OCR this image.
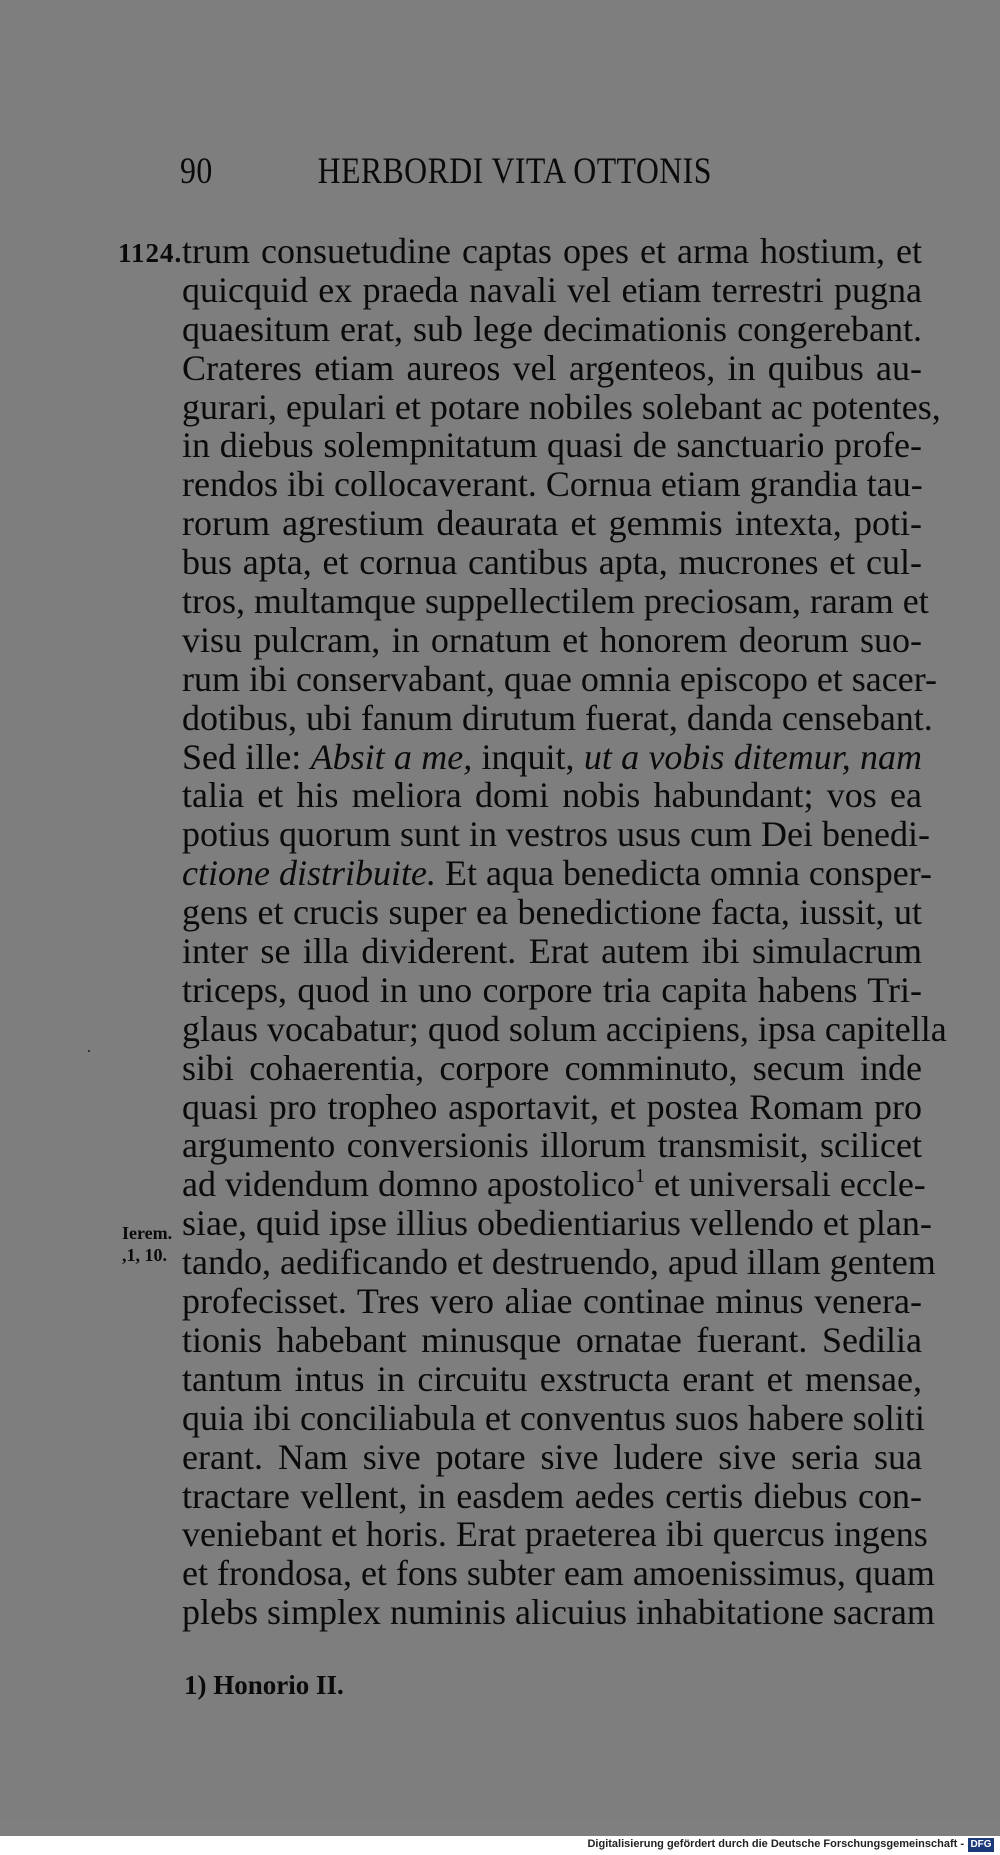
90	HERBORDI VITA OTTONIS
1124.
Ierem.
,1, 10.
trum consuetudine captas opes et arma hostium, et
quicquid ex praeda navali vel etiam terrestri pugna
quaesitum erat, sub lege decimationis congerebant.
Crateres etiam aureos vel argenteos, in quibus au-
gurari, epulari et potare nobiles solebant ac potentes,
in diebus solempnitatum quasi de sanctuario profe-
rendos ibi collocaverant. Cornua etiam grandia tau-
rorum agrestium deaurata et gemmis intexta, poti-
bus apta, et cornua cantibus apta, mucrones et cul-
tros, multamque suppellectilem preciosam, raram et
visu pulcram, in ornatum et honorem deorum suo-
rum ibi conservabant, quae omnia episcopo et sacer-
dotibus, ubi fanum dirutum fuerat, danda censebant.
Sed ille: Absit a me, inquit, ut a vobis ditemur, nam
talia et his meliora domi nobis habundant; vos ea
potius quorum sunt in vestros usus cum Dei benedi-
ctione distribuite. Et aqua benedicta omnia consper-
gens et crucis super ea benedictione facta, iussit, ut
inter se illa dividerent. Erat autem ibi simulacrum
triceps, quod in uno corpore tria capita habens Tri-
glaus vocabatur; quod solum accipiens, ipsa capitella
sibi cohaerentia, corpore comminuto, secum inde
quasi pro tropheo asportavit, et postea Romam pro
argumento conversionis illorum transmisit, scilicet
ad videndum domno apostolico$^1$ et universali eccle-
siae, quid ipse illius obedientiarius vellendo et plan-
tando, aedificando et destruendo, apud illam gentem
profecisset. Tres vero aliae continae minus venera-
tionis habebant minusque ornatae fuerant. Sedilia
tantum intus in circuitu exstructa erant et mensae,
quia ibi conciliabula et conventus suos habere soliti
erant. Nam sive potare sive ludere sive seria sua
tractare vellent, in easdem aedes certis diebus con-
veniebant et horis. Erat praeterea ibi quercus ingens
et frondosa, et fons subter eam amoenissimus, quam
plebs simplex numinis alicuius inhabitatione sacram
1) Honorio II.
Digitalisierung gefördert durch die Deutsche Forschungsgemeinschaft - DFG
